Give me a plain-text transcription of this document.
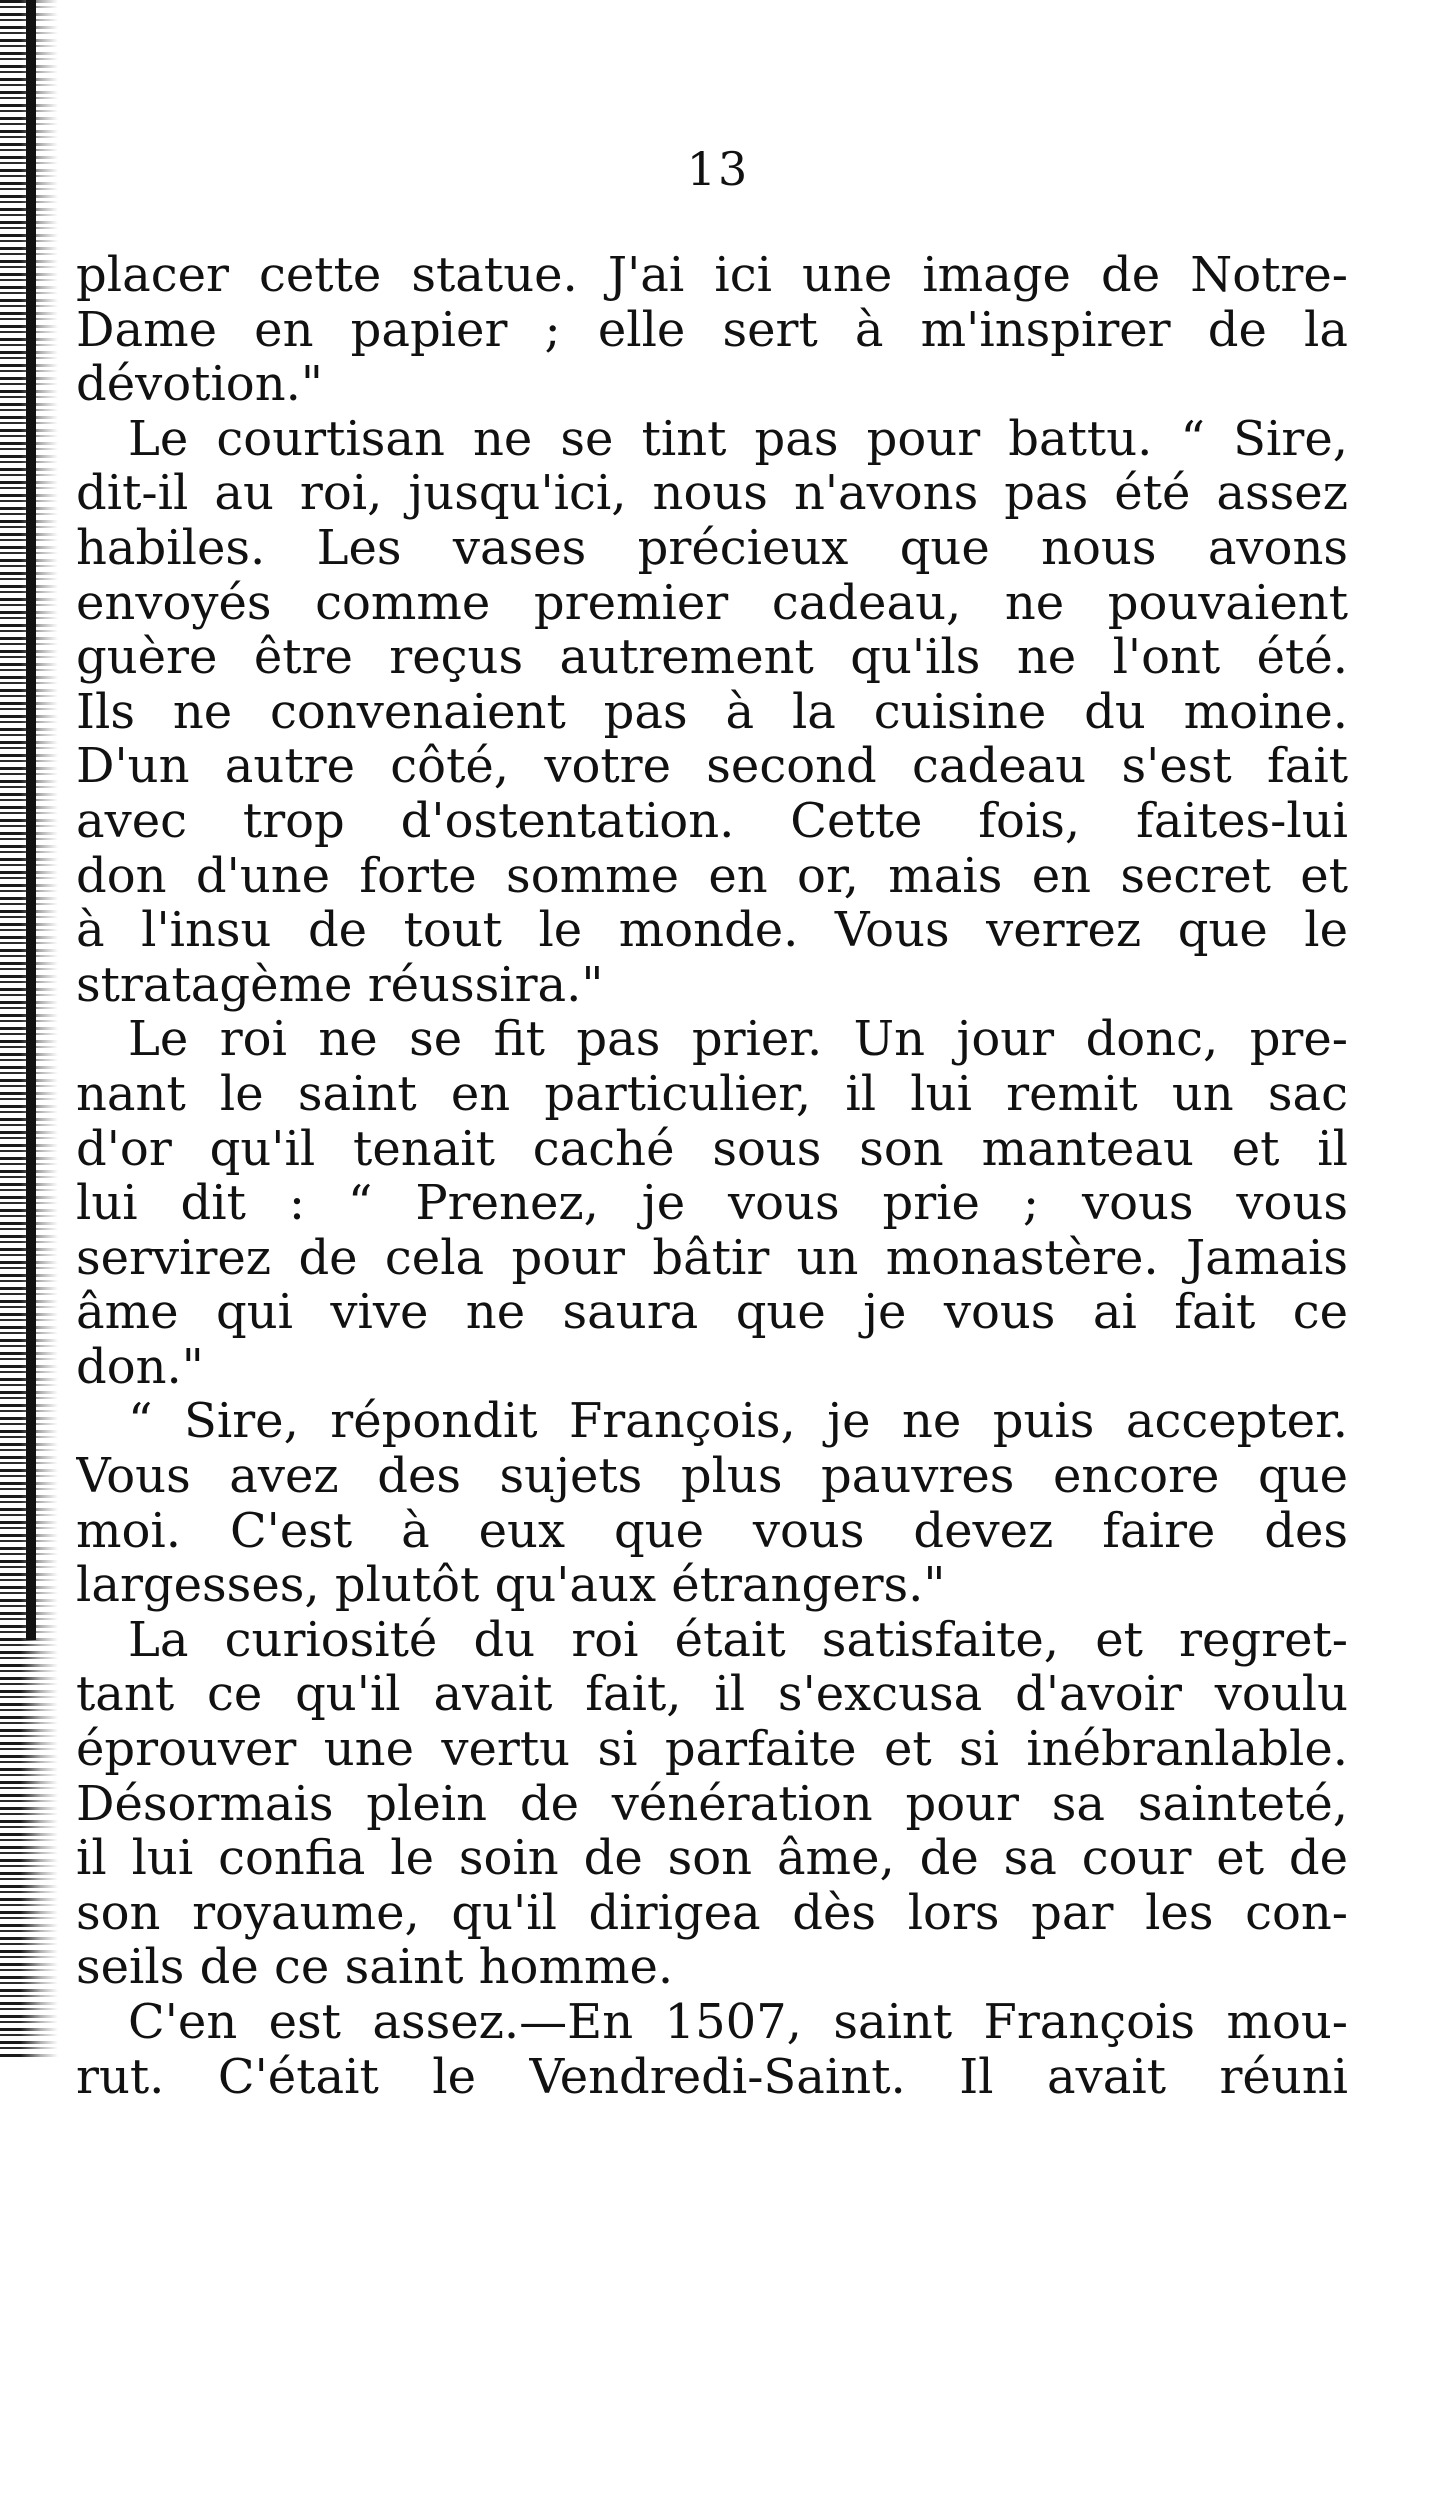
13
placer cette statue. J'ai ici une image de Notre-
Dame en papier ; elle sert à m'inspirer de la
dévotion."
Le courtisan ne se tint pas pour battu. “ Sire,
dit-il au roi, jusqu'ici, nous n'avons pas été assez
habiles. Les vases précieux que nous avons
envoyés comme premier cadeau, ne pouvaient
guère être reçus autrement qu'ils ne l'ont été.
Ils ne convenaient pas à la cuisine du moine.
D'un autre côté, votre second cadeau s'est fait
avec trop d'ostentation. Cette fois, faites-lui
don d'une forte somme en or, mais en secret et
à l'insu de tout le monde. Vous verrez que le
stratagème réussira."
Le roi ne se fit pas prier. Un jour donc, pre-
nant le saint en particulier, il lui remit un sac
d'or qu'il tenait caché sous son manteau et il
lui dit : “ Prenez, je vous prie ; vous vous
servirez de cela pour bâtir un monastère. Jamais
âme qui vive ne saura que je vous ai fait ce
don."
“ Sire, répondit François, je ne puis accepter.
Vous avez des sujets plus pauvres encore que
moi. C'est à eux que vous devez faire des
largesses, plutôt qu'aux étrangers."
La curiosité du roi était satisfaite, et regret-
tant ce qu'il avait fait, il s'excusa d'avoir voulu
éprouver une vertu si parfaite et si inébranlable.
Désormais plein de vénération pour sa sainteté,
il lui confia le soin de son âme, de sa cour et de
son royaume, qu'il dirigea dès lors par les con-
seils de ce saint homme.
C'en est assez.—En 1507, saint François mou-
rut. C'était le Vendredi-Saint. Il avait réuni
